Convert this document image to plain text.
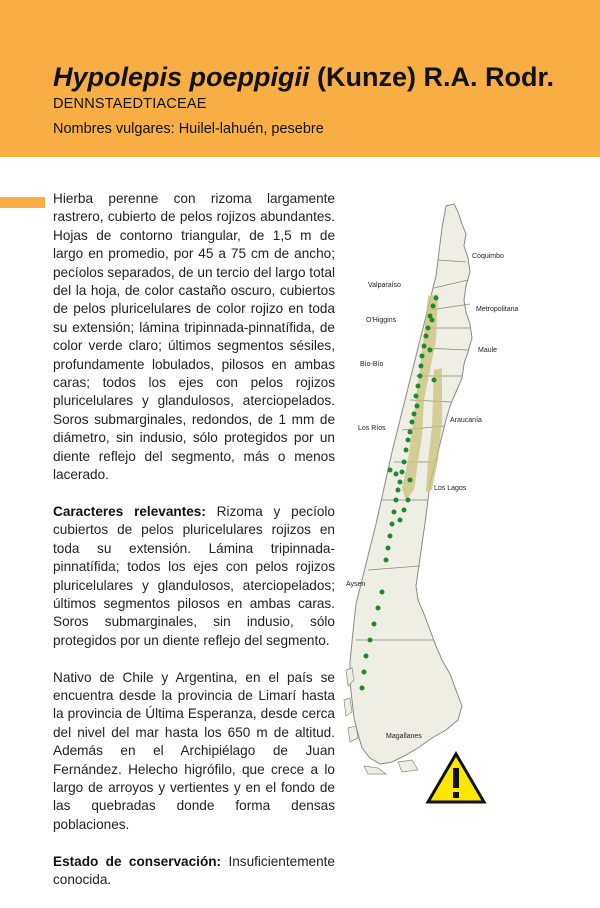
Hypolepis poeppigii (Kunze) R.A. Rodr.
DENNSTAEDTIACEAE
Nombres vulgares: Huilel-lahuén, pesebre

Hierba perenne con rizoma largamente rastrero, cubierto de pelos rojizos abundantes. Hojas de contorno triangular, de 1,5 m de largo en promedio, por 45 a 75 cm de ancho; pecíolos separados, de un tercio del largo total del la hoja, de color castaño oscuro, cubiertos de pelos pluricelulares de color rojizo en toda su extensión; lámina tripinnada-pinnatífida, de color verde claro; últimos segmentos sésiles, profundamente lobulados, pilosos en ambas caras; todos los ejes con pelos rojizos pluricelulares y glandulosos, aterciopelados. Soros submarginales, redondos, de 1 mm de diámetro, sin indusio, sólo protegidos por un diente reflejo del segmento, más o menos lacerado.

Caracteres relevantes: Rizoma y pecíolo cubiertos de pelos pluricelulares rojizos en toda su extensión. Lámina tripinnada-pinnatífida; todos los ejes con pelos rojizos pluricelulares y glandulosos, aterciopelados; últimos segmentos pilosos en ambas caras. Soros submarginales, sin indusio, sólo protegidos por un diente reflejo del segmento.

Nativo de Chile y Argentina, en el país se encuentra desde la provincia de Limarí hasta la provincia de Última Esperanza, desde cerca del nivel del mar hasta los 650 m de altitud. Además en el Archipiélago de Juan Fernández. Helecho higrófilo, que crece a lo largo de arroyos y vertientes y en el fondo de las quebradas donde forma densas poblaciones.

Estado de conservación: Insuficientemente conocida.

Coquimbo
Valparaíso
Metropolitana
O'Higgins
Maule
Bío-Bío
Araucanía
Los Ríos
Los Lagos
Aysen
Magallanes
